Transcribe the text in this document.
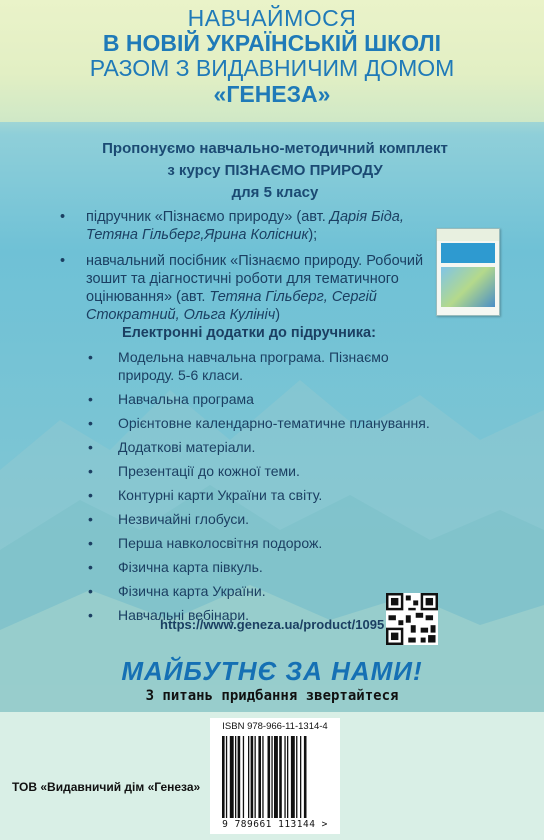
НАВЧАЙМОСЯ
В НОВІЙ УКРАЇНСЬКІЙ ШКОЛІ
РАЗОМ З ВИДАВНИЧИМ ДОМОМ
«ГЕНЕЗА»
Пропонуємо навчально-методичний комплект
з курсу ПІЗНАЄМО ПРИРОДУ
для 5 класу
• підручник «Пізнаємо природу» (авт. Дарія Біда, Тетяна Гільберг,Ярина Колісник);
• навчальний посібник «Пізнаємо природу. Робочий зошит та діагностичні роботи для тематичного оцінювання» (авт. Тетяна Гільберг, Сергій Стократний, Ольга Кулініч)
Електронні додатки до підручника:
• Модельна навчальна програма. Пізнаємо природу. 5-6 класи.
• Навчальна програма
• Орієнтовне календарно-тематичне планування.
• Додаткові матеріали.
• Презентації до кожної теми.
• Контурні карти України та світу.
• Незвичайні глобуси.
• Перша навколосвітня подорож.
• Фізична карта півкуль.
• Фізична карта України.
• Навчальні вебінари.
https://www.geneza.ua/product/1095
МАЙБУТНЄ ЗА НАМИ!
З питань придбання звертайтеся
ISBN 978-966-11-1314-4
9 789661 113144 >
ТОВ «Видавничий дім «Генеза»
